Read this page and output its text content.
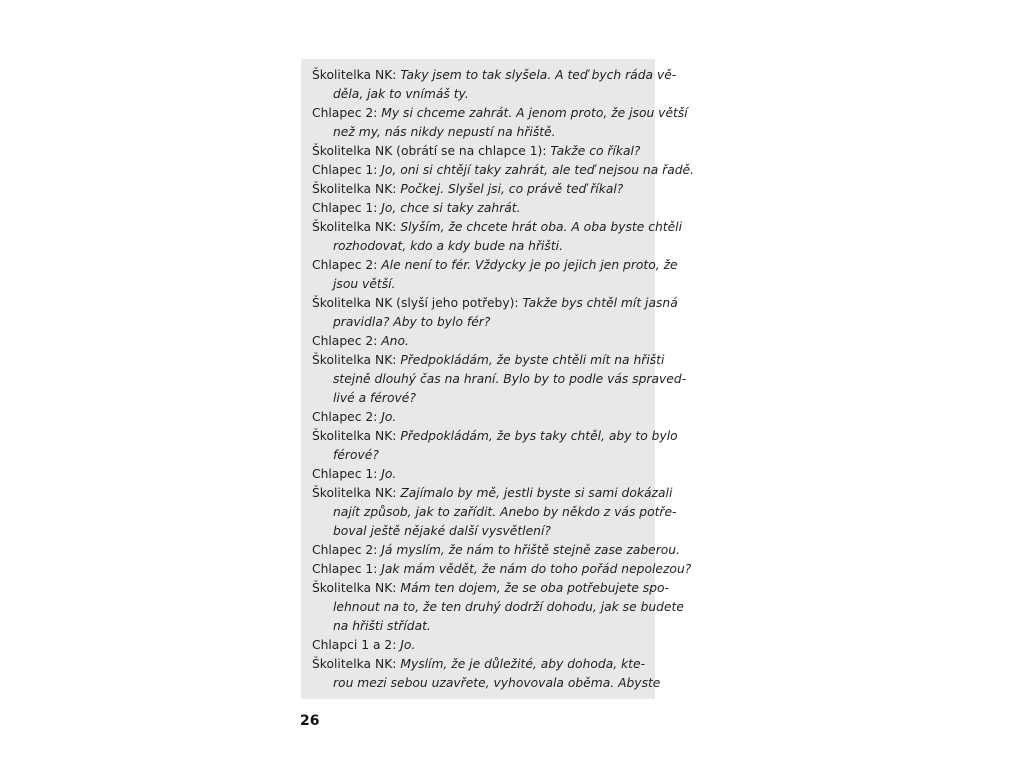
Školitelka NK: Taky jsem to tak slyšela. A teď bych ráda vě-
děla, jak to vnímáš ty.
Chlapec 2: My si chceme zahrát. A jenom proto, že jsou větší
než my, nás nikdy nepustí na hřiště.
Školitelka NK (obrátí se na chlapce 1): Takže co říkal?
Chlapec 1: Jo, oni si chtějí taky zahrát, ale teď nejsou na řadě.
Školitelka NK: Počkej. Slyšel jsi, co právě teď říkal?
Chlapec 1: Jo, chce si taky zahrát.
Školitelka NK: Slyším, že chcete hrát oba. A oba byste chtěli
rozhodovat, kdo a kdy bude na hřišti.
Chlapec 2: Ale není to fér. Vždycky je po jejich jen proto, že
jsou větší.
Školitelka NK (slyší jeho potřeby): Takže bys chtěl mít jasná
pravidla? Aby to bylo fér?
Chlapec 2: Ano.
Školitelka NK: Předpokládám, že byste chtěli mít na hřišti
stejně dlouhý čas na hraní. Bylo by to podle vás spraved-
livé a férové?
Chlapec 2: Jo.
Školitelka NK: Předpokládám, že bys taky chtěl, aby to bylo
férové?
Chlapec 1: Jo.
Školitelka NK: Zajímalo by mě, jestli byste si sami dokázali
najít způsob, jak to zařídit. Anebo by někdo z vás potře-
boval ještě nějaké další vysvětlení?
Chlapec 2: Já myslím, že nám to hřiště stejně zase zaberou.
Chlapec 1: Jak mám vědět, že nám do toho pořád nepolezou?
Školitelka NK: Mám ten dojem, že se oba potřebujete spo-
lehnout na to, že ten druhý dodrží dohodu, jak se budete
na hřišti střídat.
Chlapci 1 a 2: Jo.
Školitelka NK: Myslím, že je důležité, aby dohoda, kte-
rou mezi sebou uzavřete, vyhovovala oběma. Abyste
26
